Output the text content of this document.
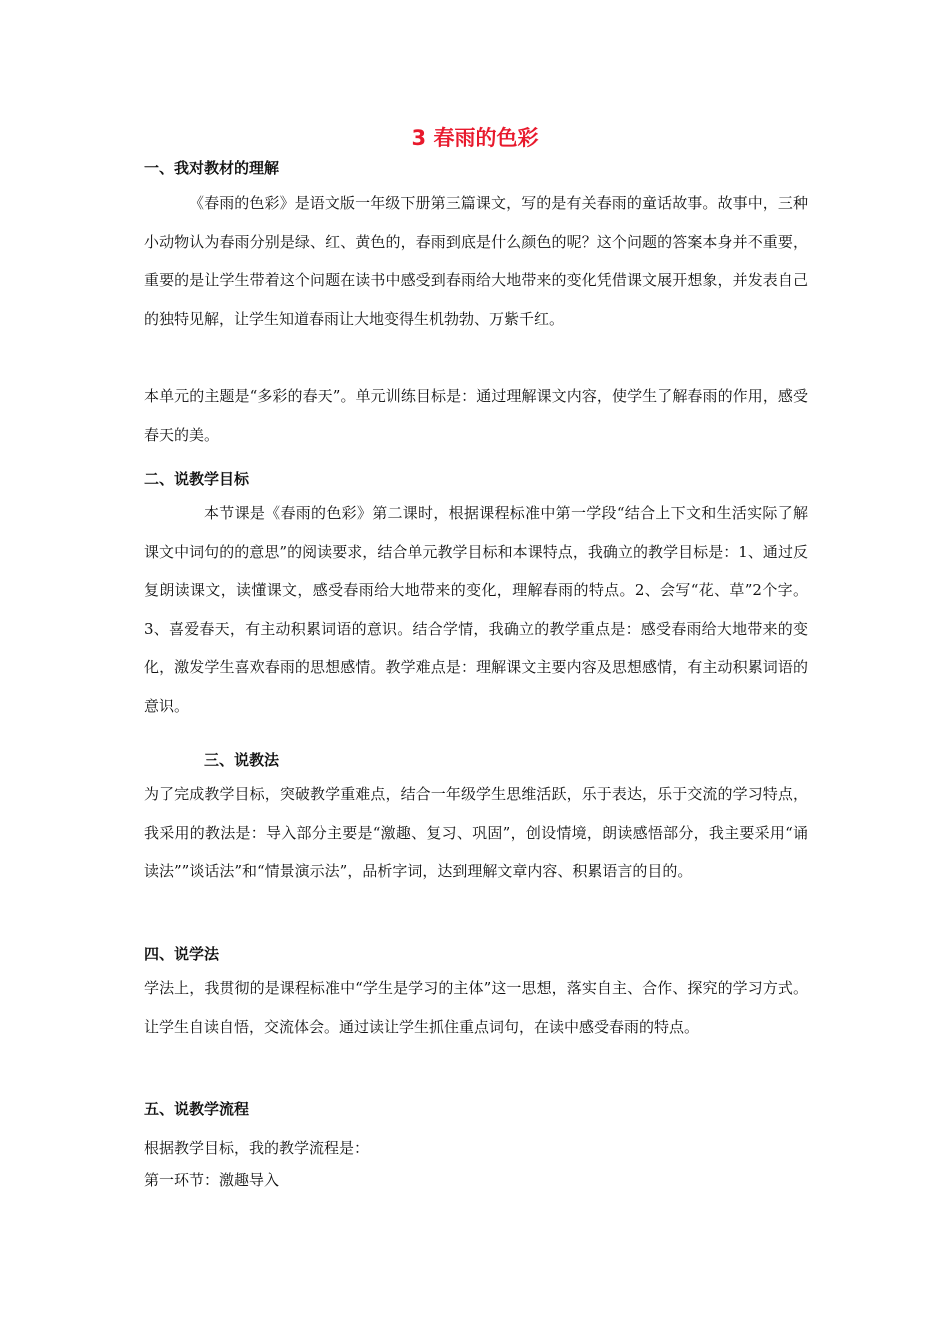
3 春雨的色彩
一、我对教材的理解

《春雨的色彩》是语文版一年级下册第三篇课文，写的是有关春雨的童话故事。故事中，三种小动物认为春雨分别是绿、红、黄色的，春雨到底是什么颜色的呢？这个问题的答案本身并不重要，重要的是让学生带着这个问题在读书中感受到春雨给大地带来的变化凭借课文展开想象，并发表自己的独特见解，让学生知道春雨让大地变得生机勃勃、万紫千红。

本单元的主题是“多彩的春天”。单元训练目标是：通过理解课文内容，使学生了解春雨的作用，感受春天的美。

二、说教学目标

本节课是《春雨的色彩》第二课时，根据课程标准中第一学段“结合上下文和生活实际了解课文中词句的的意思”的阅读要求，结合单元教学目标和本课特点，我确立的教学目标是：1、通过反复朗读课文，读懂课文，感受春雨给大地带来的变化，理解春雨的特点。2、会写“花、草”2个字。3、喜爱春天，有主动积累词语的意识。结合学情，我确立的教学重点是：感受春雨给大地带来的变化，激发学生喜欢春雨的思想感情。教学难点是：理解课文主要内容及思想感情，有主动积累词语的意识。

三、说教法

为了完成教学目标，突破教学重难点，结合一年级学生思维活跃，乐于表达，乐于交流的学习特点，我采用的教法是：导入部分主要是“激趣、复习、巩固”，创设情境，朗读感悟部分，我主要采用“诵读法””谈话法”和“情景演示法”，品析字词，达到理解文章内容、积累语言的目的。

四、说学法

学法上，我贯彻的是课程标准中“学生是学习的主体”这一思想，落实自主、合作、探究的学习方式。让学生自读自悟，交流体会。通过读让学生抓住重点词句，在读中感受春雨的特点。

五、说教学流程

根据教学目标，我的教学流程是：

第一环节：激趣导入
